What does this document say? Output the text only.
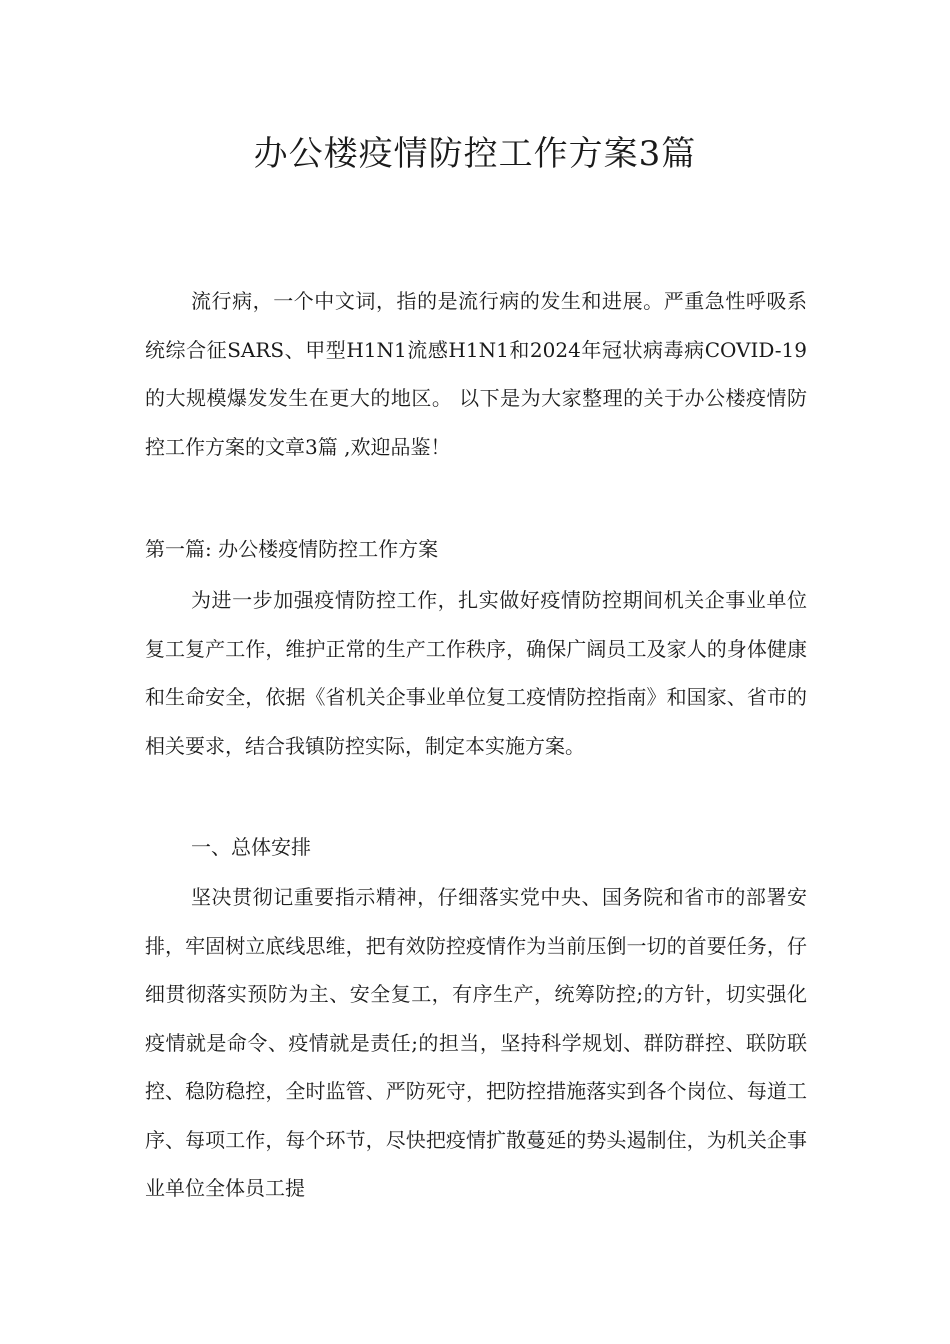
办公楼疫情防控工作方案3篇

流行病，一个中文词，指的是流行病的发生和进展。严重急性呼吸系统综合征SARS、甲型H1N1流感H1N1和2024年冠状病毒病COVID-19的大规模爆发发生在更大的地区。 以下是为大家整理的关于办公楼疫情防控工作方案的文章3篇 ,欢迎品鉴！

第一篇: 办公楼疫情防控工作方案

为进一步加强疫情防控工作，扎实做好疫情防控期间机关企事业单位复工复产工作，维护正常的生产工作秩序，确保广阔员工及家人的身体健康和生命安全，依据《省机关企事业单位复工疫情防控指南》和国家、省市的相关要求，结合我镇防控实际，制定本实施方案。

一、总体安排

坚决贯彻记重要指示精神，仔细落实党中央、国务院和省市的部署安排，牢固树立底线思维，把有效防控疫情作为当前压倒一切的首要任务，仔细贯彻落实预防为主、安全复工，有序生产，统筹防控;的方针，切实强化疫情就是命令、疫情就是责任;的担当，坚持科学规划、群防群控、联防联控、稳防稳控，全时监管、严防死守，把防控措施落实到各个岗位、每道工序、每项工作，每个环节，尽快把疫情扩散蔓延的势头遏制住，为机关企事业单位全体员工提
